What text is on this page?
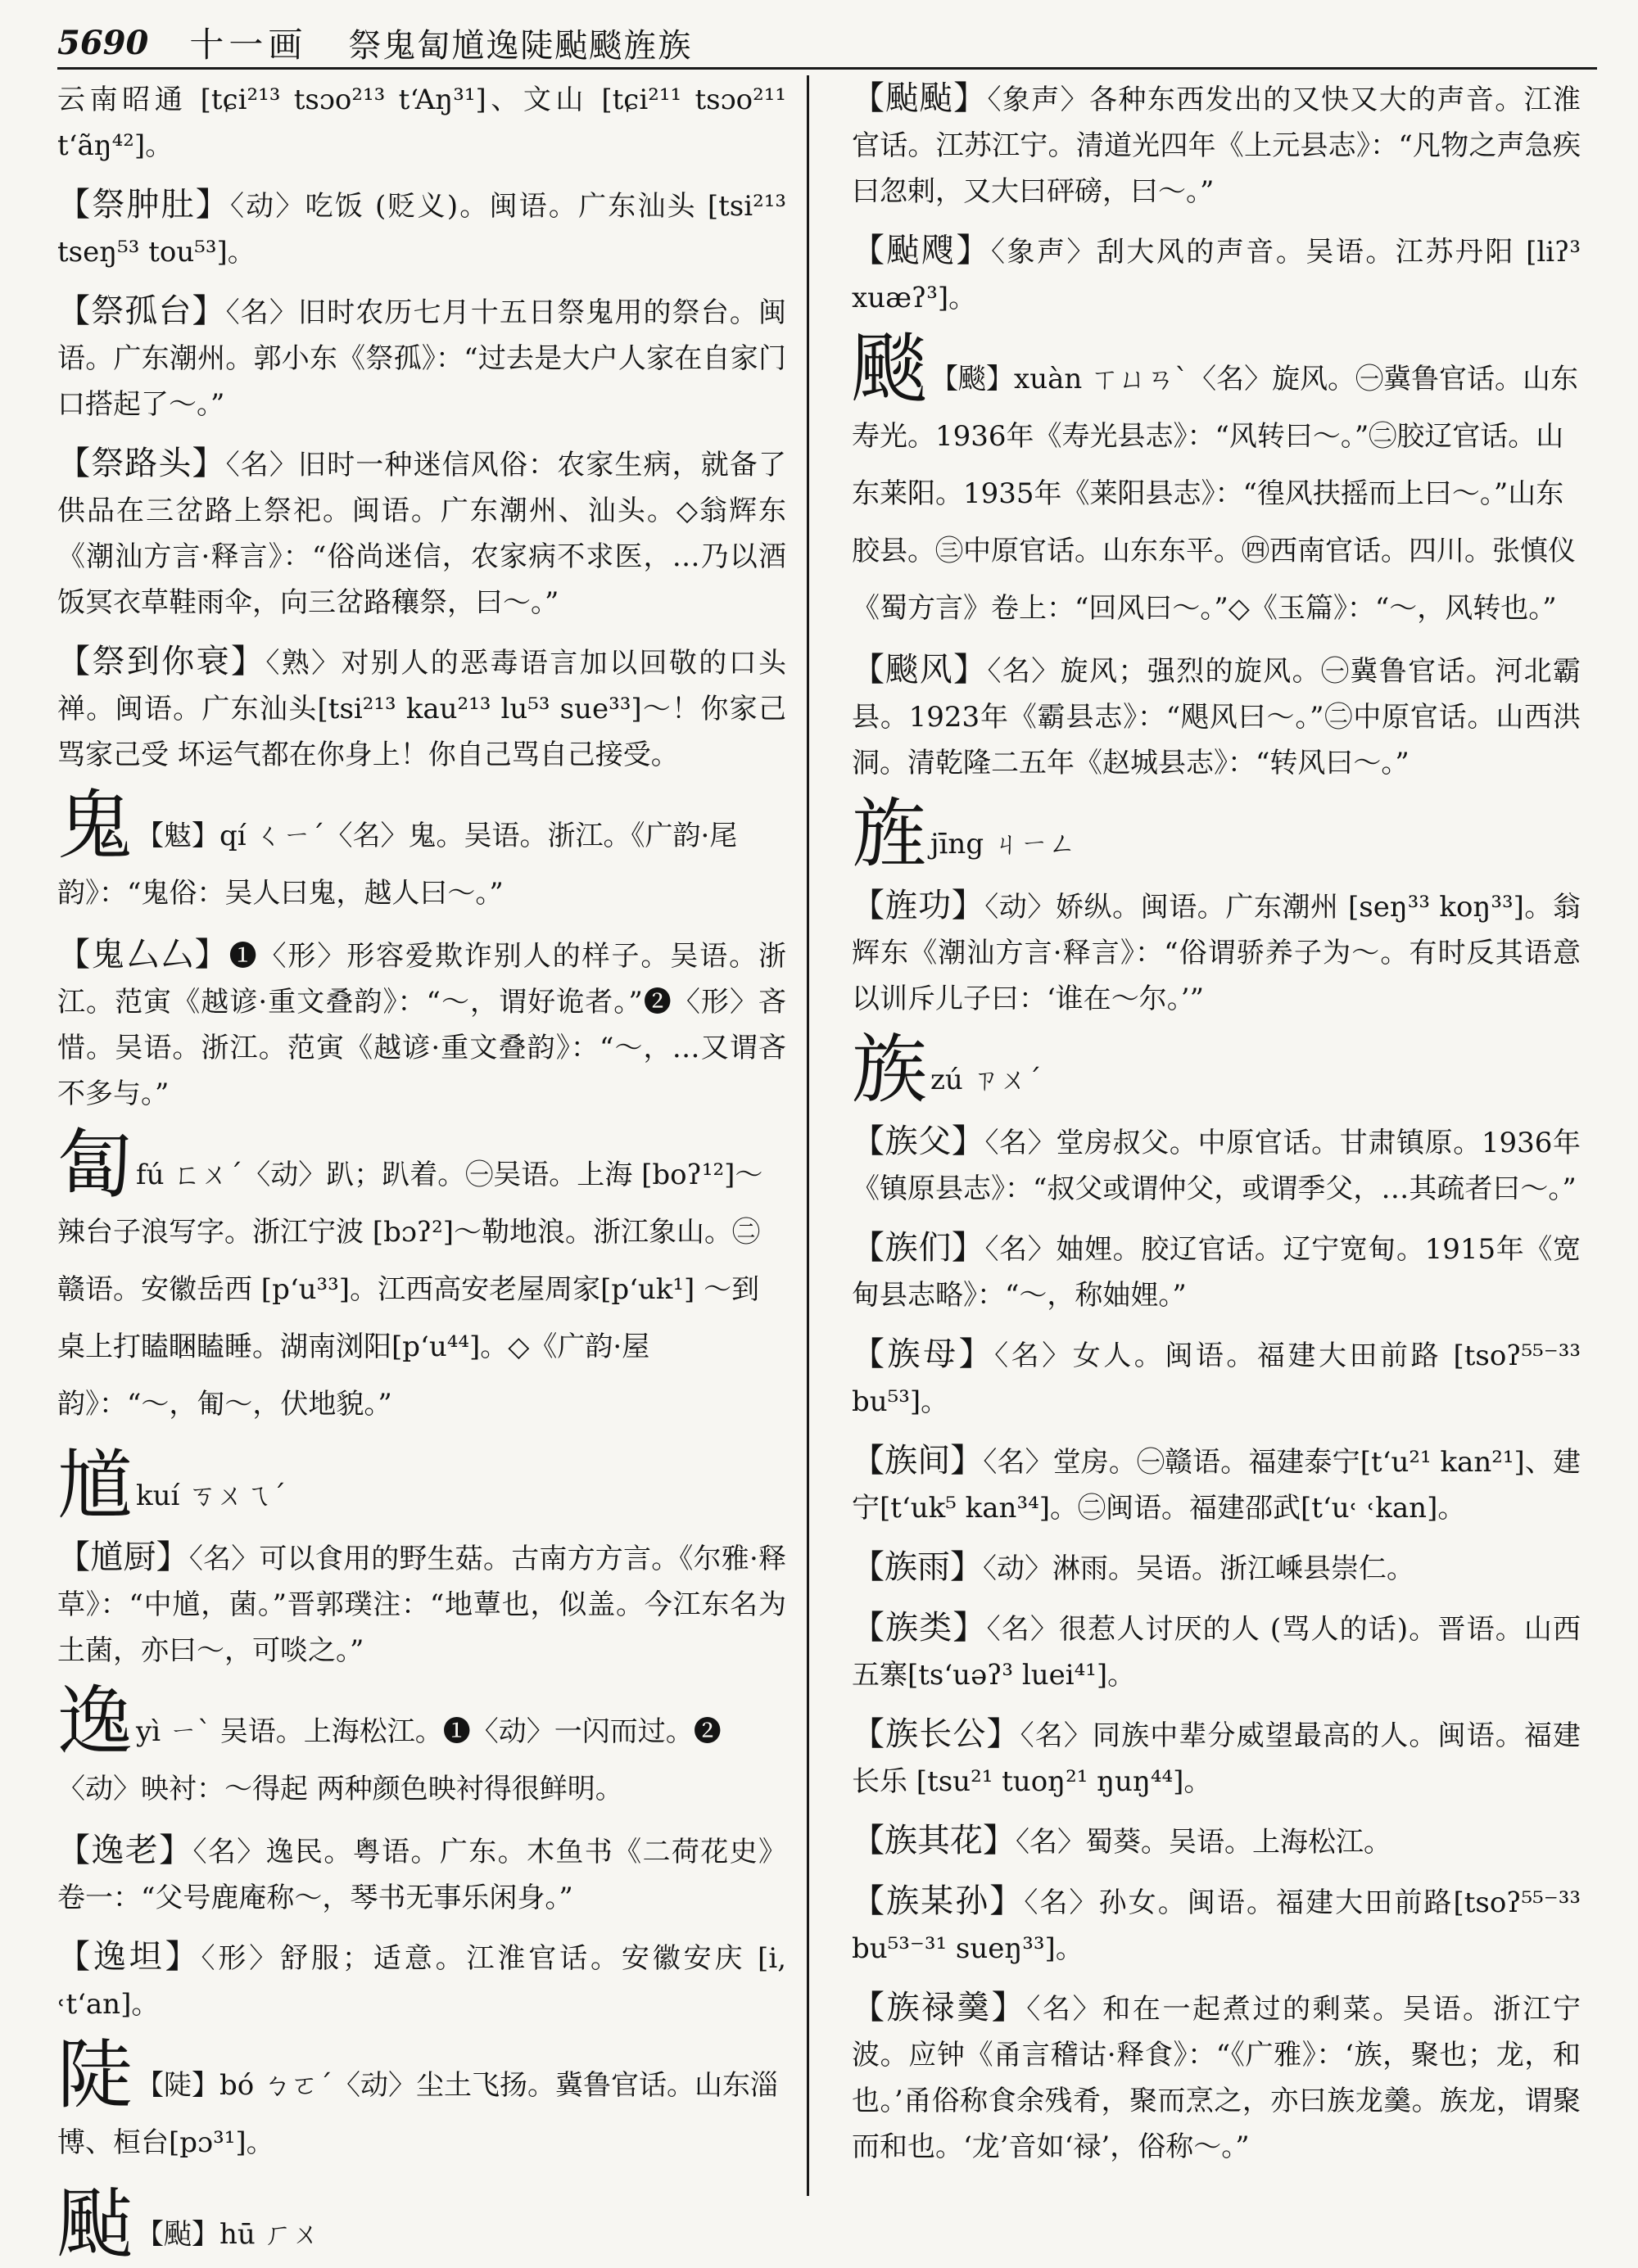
5690 十一画 祭鬼匐馗逸陡颭颷旌族
云南昭通 [tɕi²¹³ tsɔo²¹³ tʻAŋ³¹]、文山 [tɕi²¹¹ tsɔo²¹¹ tʻãŋ⁴²]。
【祭肿肚】〈动〉吃饭 (贬义)。闽语。广东汕头 [tsi²¹³ tseŋ⁵³ tou⁵³]。
【祭孤台】〈名〉旧时农历七月十五日祭鬼用的祭台。闽语。广东潮州。郭小东《祭孤》：“过去是大户人家在自家门口搭起了～。”
【祭路头】〈名〉旧时一种迷信风俗：农家生病，就备了供品在三岔路上祭祀。闽语。广东潮州、汕头。◇翁辉东《潮汕方言·释言》：“俗尚迷信，农家病不求医，…乃以酒饭冥衣草鞋雨伞，向三岔路穰祭，曰～。”
【祭到你衰】〈熟〉对别人的恶毒语言加以回敬的口头禅。闽语。广东汕头[tsi²¹³ kau²¹³ lu⁵³ sue³³]～！你家己骂家己受 坏运气都在你身上！你自己骂自己接受。
鬼 【鬾】qí ㄑㄧˊ〈名〉鬼。吴语。浙江。《广韵·尾韵》：“鬼俗：吴人曰鬼，越人曰～。”
【鬼厶厶】❶〈形〉形容爱欺诈别人的样子。吴语。浙江。范寅《越谚·重文叠韵》：“～，谓好诡者。”❷〈形〉吝惜。吴语。浙江。范寅《越谚·重文叠韵》：“～，…又谓吝不多与。”
匐fú ㄈㄨˊ〈动〉趴；趴着。㊀吴语。上海 [boʔ¹²]～辣台子浪写字。浙江宁波 [bɔʔ²]～勒地浪。浙江象山。㊁赣语。安徽岳西 [pʻu³³]。江西高安老屋周家[pʻuk¹] ～到桌上打瞌睏瞌睡。湖南浏阳[pʻu⁴⁴]。◇《广韵·屋韵》：“～，匍～，伏地貌。”
馗kuí ㄎㄨㄟˊ
【馗厨】〈名〉可以食用的野生菇。古南方方言。《尔雅·释草》：“中馗，菌。”晋郭璞注：“地蕈也，似盖。今江东名为土菌，亦曰～，可啖之。”
逸yì ㄧˋ 吴语。上海松江。❶〈动〉一闪而过。❷〈动〉映衬：～得起 两种颜色映衬得很鲜明。
【逸老】〈名〉逸民。粤语。广东。木鱼书《二荷花史》卷一：“父号鹿庵称～，琴书无事乐闲身。”
【逸坦】〈形〉舒服；适意。江淮官话。安徽安庆 [i, ˓tʻan]。
陡 【陡】bó ㄅㄛˊ〈动〉尘土飞扬。冀鲁官话。山东淄博、桓台[pɔ³¹]。
颭 【颭】hū ㄏㄨ
【颭颭】〈象声〉各种东西发出的又快又大的声音。江淮官话。江苏江宁。清道光四年《上元县志》：“凡物之声急疾曰忽剌，又大曰砰磅，曰～。”
【颭飕】〈象声〉刮大风的声音。吴语。江苏丹阳 [liʔ³ xuæʔ³]。
颷 【颷】xuàn ㄒㄩㄢˋ〈名〉旋风。㊀冀鲁官话。山东寿光。1936年《寿光县志》：“风转曰～。”㊁胶辽官话。山东莱阳。1935年《莱阳县志》：“徨风扶摇而上曰～。”山东胶县。㊂中原官话。山东东平。㊃西南官话。四川。张慎仪《蜀方言》卷上：“回风曰～。”◇《玉篇》：“～，风转也。”
【颷风】〈名〉旋风；强烈的旋风。㊀冀鲁官话。河北霸县。1923年《霸县志》：“飓风曰～。”㊁中原官话。山西洪洞。清乾隆二五年《赵城县志》：“转风曰～。”
旌jīng ㄐㄧㄥ
【旌功】〈动〉娇纵。闽语。广东潮州 [seŋ³³ koŋ³³]。翁辉东《潮汕方言·释言》：“俗谓骄养子为～。有时反其语意以训斥儿子曰：‘谁在～尔。’”
族zú ㄗㄨˊ
【族父】〈名〉堂房叔父。中原官话。甘肃镇原。1936年《镇原县志》：“叔父或谓仲父，或谓季父，…其疏者曰～。”
【族们】〈名〉妯娌。胶辽官话。辽宁宽甸。1915年《宽甸县志略》：“～，称妯娌。”
【族母】〈名〉女人。闽语。福建大田前路 [tsoʔ⁵⁵⁻³³ bu⁵³]。
【族间】〈名〉堂房。㊀赣语。福建泰宁[tʻu²¹ kan²¹]、建宁[tʻuk⁵ kan³⁴]。㊁闽语。福建邵武[tʻu˓ ˓kan]。
【族雨】〈动〉淋雨。吴语。浙江嵊县崇仁。
【族类】〈名〉很惹人讨厌的人 (骂人的话)。晋语。山西五寨[tsʻuəʔ³ luei⁴¹]。
【族长公】〈名〉同族中辈分威望最高的人。闽语。福建长乐 [tsu²¹ tuoŋ²¹ ŋuŋ⁴⁴]。
【族其花】〈名〉蜀葵。吴语。上海松江。
【族某孙】〈名〉孙女。闽语。福建大田前路[tsoʔ⁵⁵⁻³³ bu⁵³⁻³¹ sueŋ³³]。
【族禄羹】〈名〉和在一起煮过的剩菜。吴语。浙江宁波。应钟《甬言稽诂·释食》：“《广雅》：‘族，聚也；龙，和也。’甬俗称食余残肴，聚而烹之，亦曰族龙羹。族龙，谓聚而和也。‘龙’音如‘禄’，俗称～。”
